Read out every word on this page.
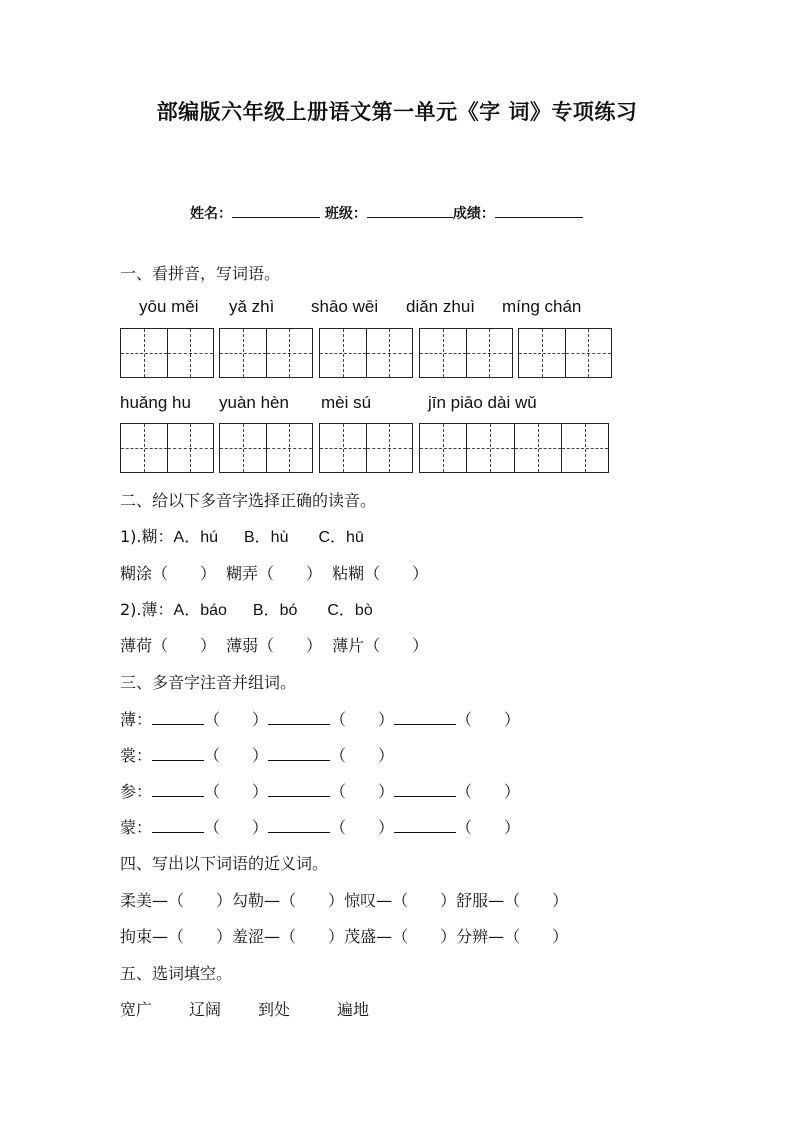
部编版六年级上册语文第一单元《字 词》专项练习
姓名：	班级：	成绩：
一、看拼音，写词语。
yōu měi yǎ zhì shāo wēi diǎn zhuì míng chán
huǎng hu yuàn hèn mèi sú	jīn piāo dài wǔ
二、给以下多音字选择正确的读音。
1).糊：A．hú B．hù C．hū
糊涂（　　） 糊弄（　　） 粘糊（　　）
2).薄：A．báo B．bó C．bò
薄荷（　　） 薄弱（　　） 薄片（　　）
三、多音字注音并组词。
薄：	（　　）	（　　）	（　　）
裳：	（　　）	（　　）
参：	（　　）	（　　）	（　　）
蒙：	（　　）	（　　）	（　　）
四、写出以下词语的近义词。
柔美—（　　）勾勒—（　　）惊叹—（　　）舒服—（　　）
拘束—（　　）羞涩—（　　）茂盛—（　　）分辨—（　　）
五、选词填空。
宽广 辽阔 到处	遍地
